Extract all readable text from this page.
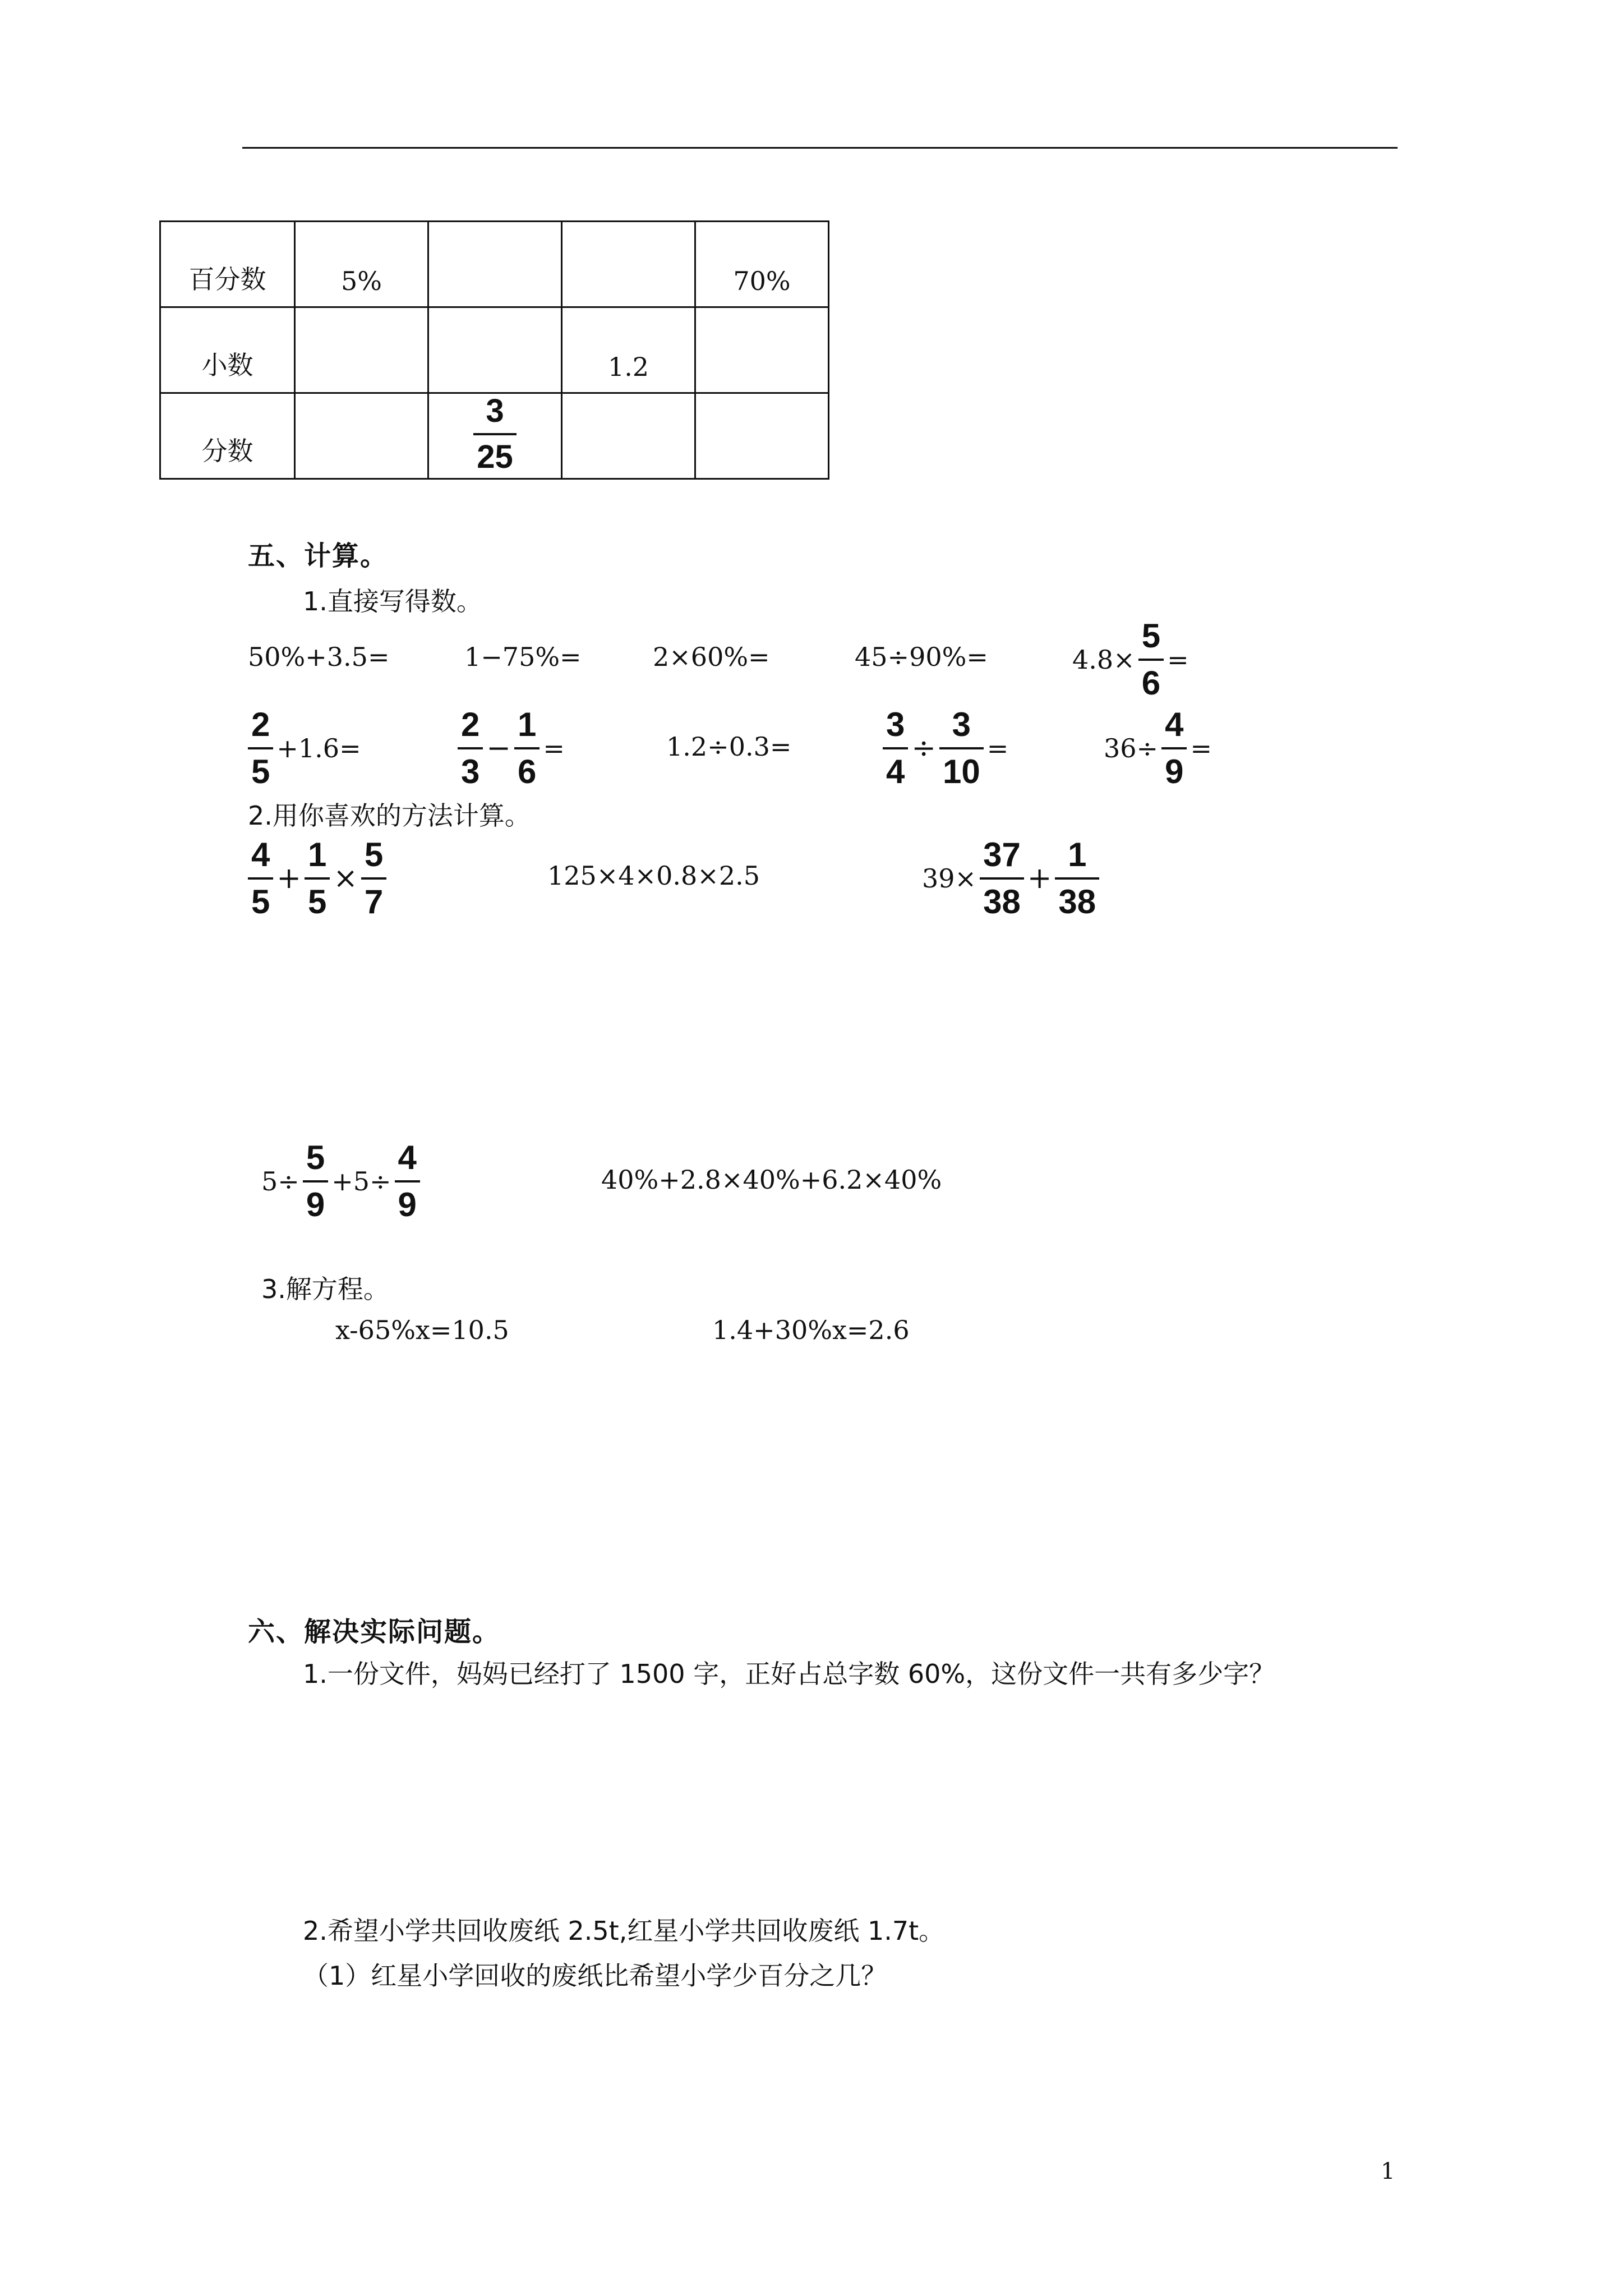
百分数	5%			70%

小数			1.2	

分数		$\frac{3}{25}$

五、计算。
1.直接写得数。
50%+3.5=	1−75%=	2×60%=	45÷90%=	$4.8\times \frac{5}{6}$ =
$\frac{2}{5} +1.6=$	$\frac{2}{3} - \frac{1}{6}$ =	1.2÷0.3=	$\frac{3}{4} \div \frac{3}{10}$ =	$36\div \frac{4}{9}$ =
2.用你喜欢的方法计算。
$\frac{4}{5} + \frac{1}{5} \times \frac{5}{7}$	125×4×0.8×2.5	$39\times \frac{37}{38} + \frac{1}{38}$
$5\div \frac{5}{9} +5\div \frac{4}{9}$	40%+2.8×40%+6.2×40%
3.解方程。
x-65%x=10.5	1.4+30%x=2.6
六、解决实际问题。
1.一份文件，妈妈已经打了 1500 字，正好占总字数 60%，这份文件一共有多少字？
2.希望小学共回收废纸 2.5t,红星小学共回收废纸 1.7t。
（1）红星小学回收的废纸比希望小学少百分之几？
1
